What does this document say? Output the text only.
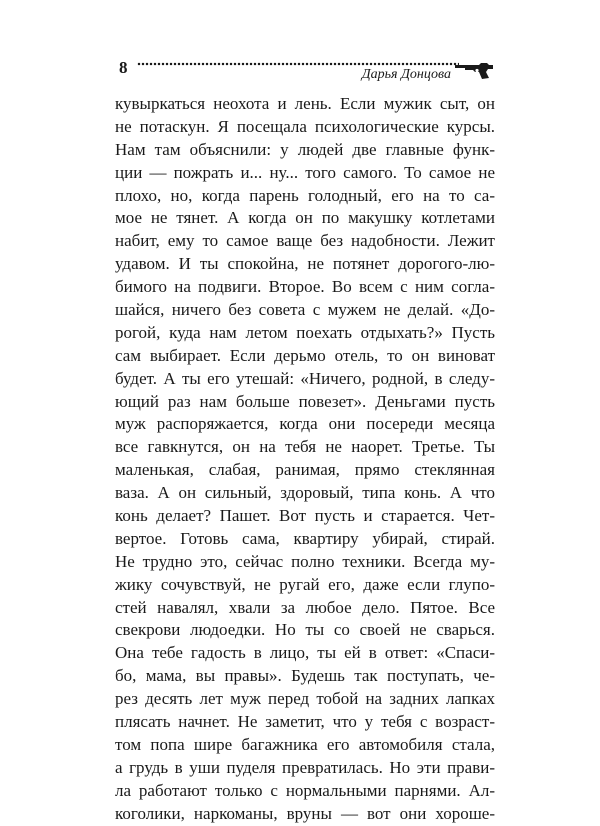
8	Дарья Донцова
кувыркаться неохота и лень. Если мужик сыт, он
не потаскун. Я посещала психологические курсы.
Нам там объяснили: у людей две главные функ-
ции — пожрать и... ну... того самого. То самое не
плохо, но, когда парень голодный, его на то са-
мое не тянет. А когда он по макушку котлетами
набит, ему то самое ваще без надобности. Лежит
удавом. И ты спокойна, не потянет дорогого-лю-
бимого на подвиги. Второе. Во всем с ним согла-
шайся, ничего без совета с мужем не делай. «До-
рогой, куда нам летом поехать отдыхать?» Пусть
сам выбирает. Если дерьмо отель, то он виноват
будет. А ты его утешай: «Ничего, родной, в следу-
ющий раз нам больше повезет». Деньгами пусть
муж распоряжается, когда они посереди месяца
все гавкнутся, он на тебя не наорет. Третье. Ты
маленькая, слабая, ранимая, прямо стеклянная
ваза. А он сильный, здоровый, типа конь. А что
конь делает? Пашет. Вот пусть и старается. Чет-
вертое. Готовь сама, квартиру убирай, стирай.
Не трудно это, сейчас полно техники. Всегда му-
жику сочувствуй, не ругай его, даже если глупо-
стей навалял, хвали за любое дело. Пятое. Все
свекрови людоедки. Но ты со своей не сварься.
Она тебе гадость в лицо, ты ей в ответ: «Спаси-
бо, мама, вы правы». Будешь так поступать, че-
рез десять лет муж перед тобой на задних лапках
плясать начнет. Не заметит, что у тебя с возраст-
том попа шире багажника его автомобиля стала,
а грудь в уши пуделя превратилась. Но эти прави-
ла работают только с нормальными парнями. Ал-
коголики, наркоманы, вруны — вот они хороше-
